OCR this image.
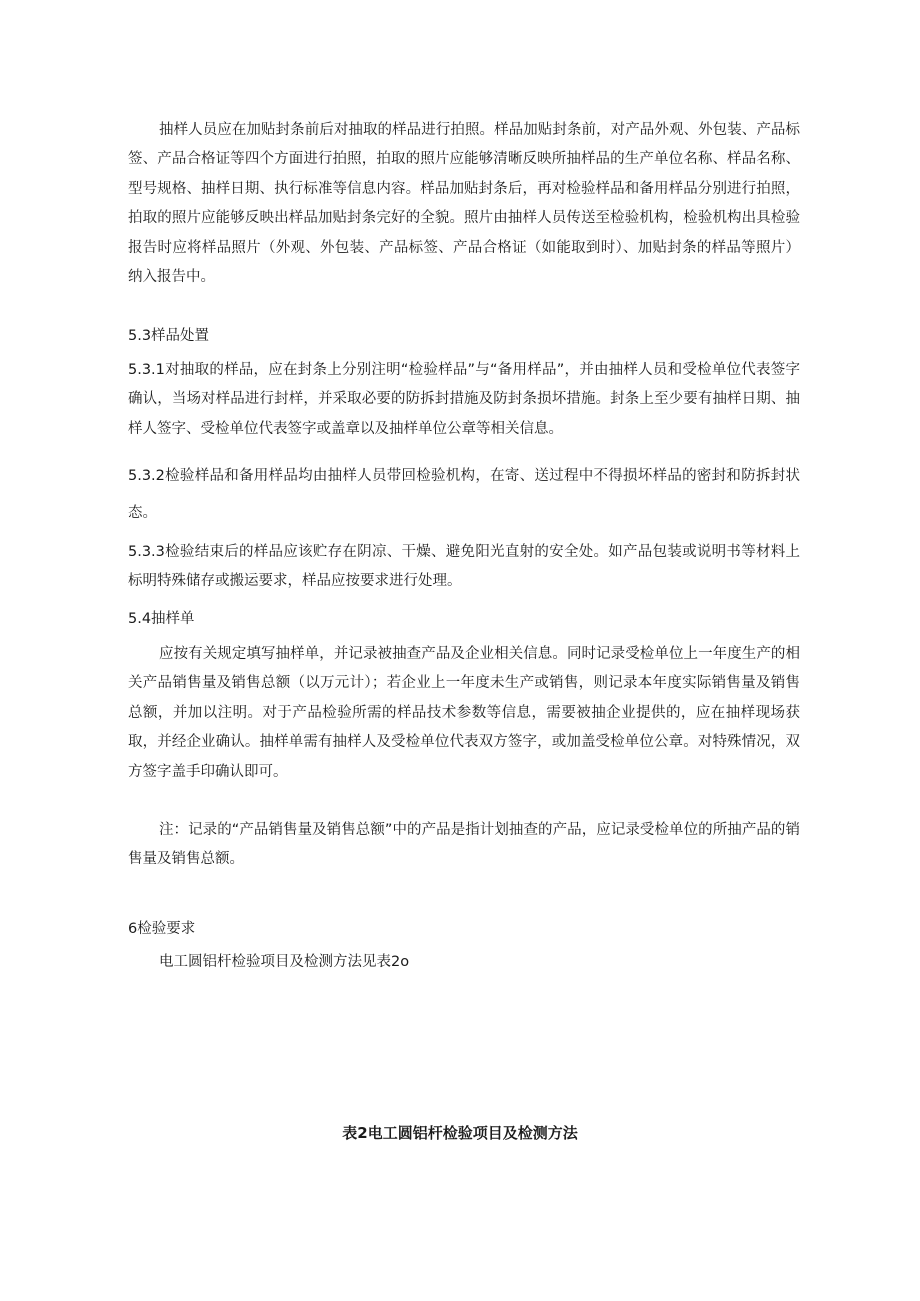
抽样人员应在加贴封条前后对抽取的样品进行拍照。样品加贴封条前，对产品外观、外包装、产品标签、产品合格证等四个方面进行拍照，拍取的照片应能够清晰反映所抽样品的生产单位名称、样品名称、型号规格、抽样日期、执行标准等信息内容。样品加贴封条后，再对检验样品和备用样品分别进行拍照，拍取的照片应能够反映出样品加贴封条完好的全貌。照片由抽样人员传送至检验机构，检验机构出具检验报告时应将样品照片（外观、外包装、产品标签、产品合格证（如能取到时）、加贴封条的样品等照片）纳入报告中。

5.3样品处置

5.3.1对抽取的样品，应在封条上分别注明“检验样品”与“备用样品”，并由抽样人员和受检单位代表签字确认，当场对样品进行封样，并采取必要的防拆封措施及防封条损坏措施。封条上至少要有抽样日期、抽样人签字、受检单位代表签字或盖章以及抽样单位公章等相关信息。

5.3.2检验样品和备用样品均由抽样人员带回检验机构，在寄、送过程中不得损坏样品的密封和防拆封状态。

5.3.3检验结束后的样品应该贮存在阴凉、干燥、避免阳光直射的安全处。如产品包装或说明书等材料上标明特殊储存或搬运要求，样品应按要求进行处理。

5.4抽样单

应按有关规定填写抽样单，并记录被抽查产品及企业相关信息。同时记录受检单位上一年度生产的相关产品销售量及销售总额（以万元计）；若企业上一年度未生产或销售，则记录本年度实际销售量及销售总额，并加以注明。对于产品检验所需的样品技术参数等信息，需要被抽企业提供的，应在抽样现场获取，并经企业确认。抽样单需有抽样人及受检单位代表双方签字，或加盖受检单位公章。对特殊情况，双方签字盖手印确认即可。

注：记录的“产品销售量及销售总额”中的产品是指计划抽查的产品，应记录受检单位的所抽产品的销售量及销售总额。

6检验要求

电工圆铝杆检验项目及检测方法见表2o

表2电工圆铝杆检验项目及检测方法
